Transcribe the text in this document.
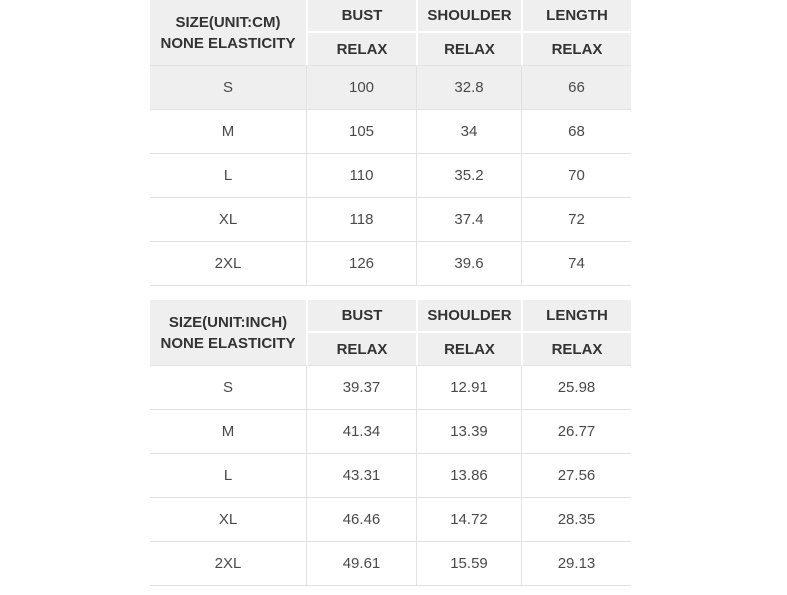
SIZE(UNIT:CM)
NONE ELASTICITY	BUST	SHOULDER	LENGTH
	RELAX	RELAX	RELAX
S	100	32.8	66
M	105	34	68
L	110	35.2	70
XL	118	37.4	72
2XL	126	39.6	74
SIZE(UNIT:INCH)
NONE ELASTICITY	BUST	SHOULDER	LENGTH
	RELAX	RELAX	RELAX
S	39.37	12.91	25.98
M	41.34	13.39	26.77
L	43.31	13.86	27.56
XL	46.46	14.72	28.35
2XL	49.61	15.59	29.13
